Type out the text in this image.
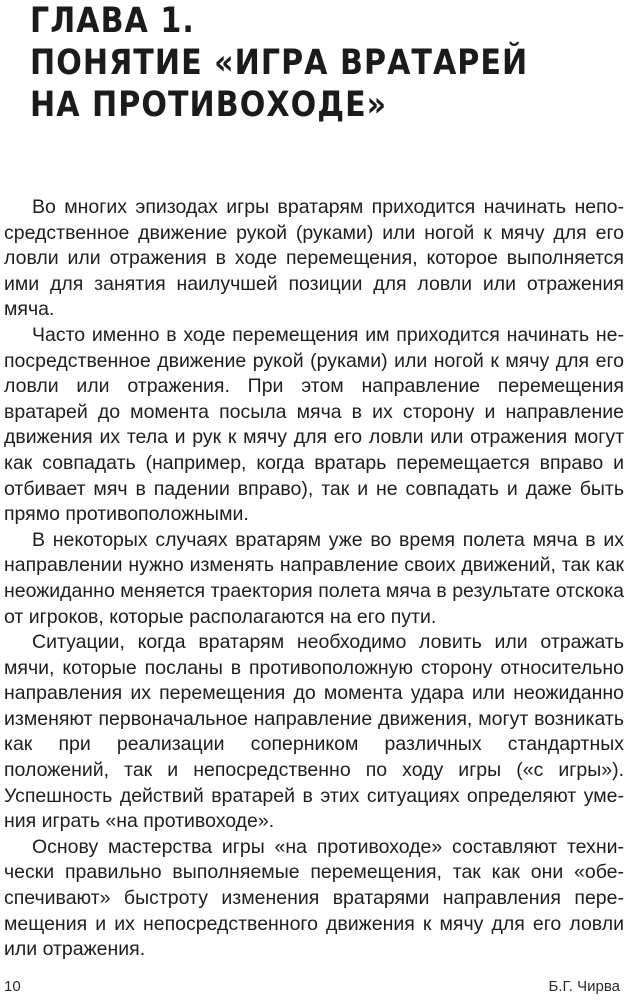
ГЛАВА 1.
ПОНЯТИЕ «ИГРА ВРАТАРЕЙ
НА ПРОТИВОХОДЕ»

Во многих эпизодах игры вратарям приходится начинать непосредственное движение рукой (руками) или ногой к мячу для его ловли или отражения в ходе перемещения, которое выполняется ими для занятия наилучшей позиции для ловли или отражения мяча.

Часто именно в ходе перемещения им приходится начинать непосредственное движение рукой (руками) или ногой к мячу для его ловли или отражения. При этом направление перемещения вратарей до момента посыла мяча в их сторону и направление движения их тела и рук к мячу для его ловли или отражения могут как совпадать (например, когда вратарь перемещается вправо и отбивает мяч в падении вправо), так и не совпадать и даже быть прямо противоположными.

В некоторых случаях вратарям уже во время полета мяча в их направлении нужно изменять направление своих движений, так как неожиданно меняется траектория полета мяча в результате отскока от игроков, которые располагаются на его пути.

Ситуации, когда вратарям необходимо ловить или отражать мячи, которые посланы в противоположную сторону относительно направления их перемещения до момента удара или неожиданно изменяют первоначальное направление движения, могут возникать как при реализации соперником различных стандартных положений, так и непосредственно по ходу игры («с игры»). Успешность действий вратарей в этих ситуациях определяют умения играть «на противоходе».

Основу мастерства игры «на противоходе» составляют технически правильно выполняемые перемещения, так как они «обеспечивают» быстроту изменения вратарями направления перемещения и их непосредственного движения к мячу для его ловли или отражения.

10	Б.Г. Чирва
